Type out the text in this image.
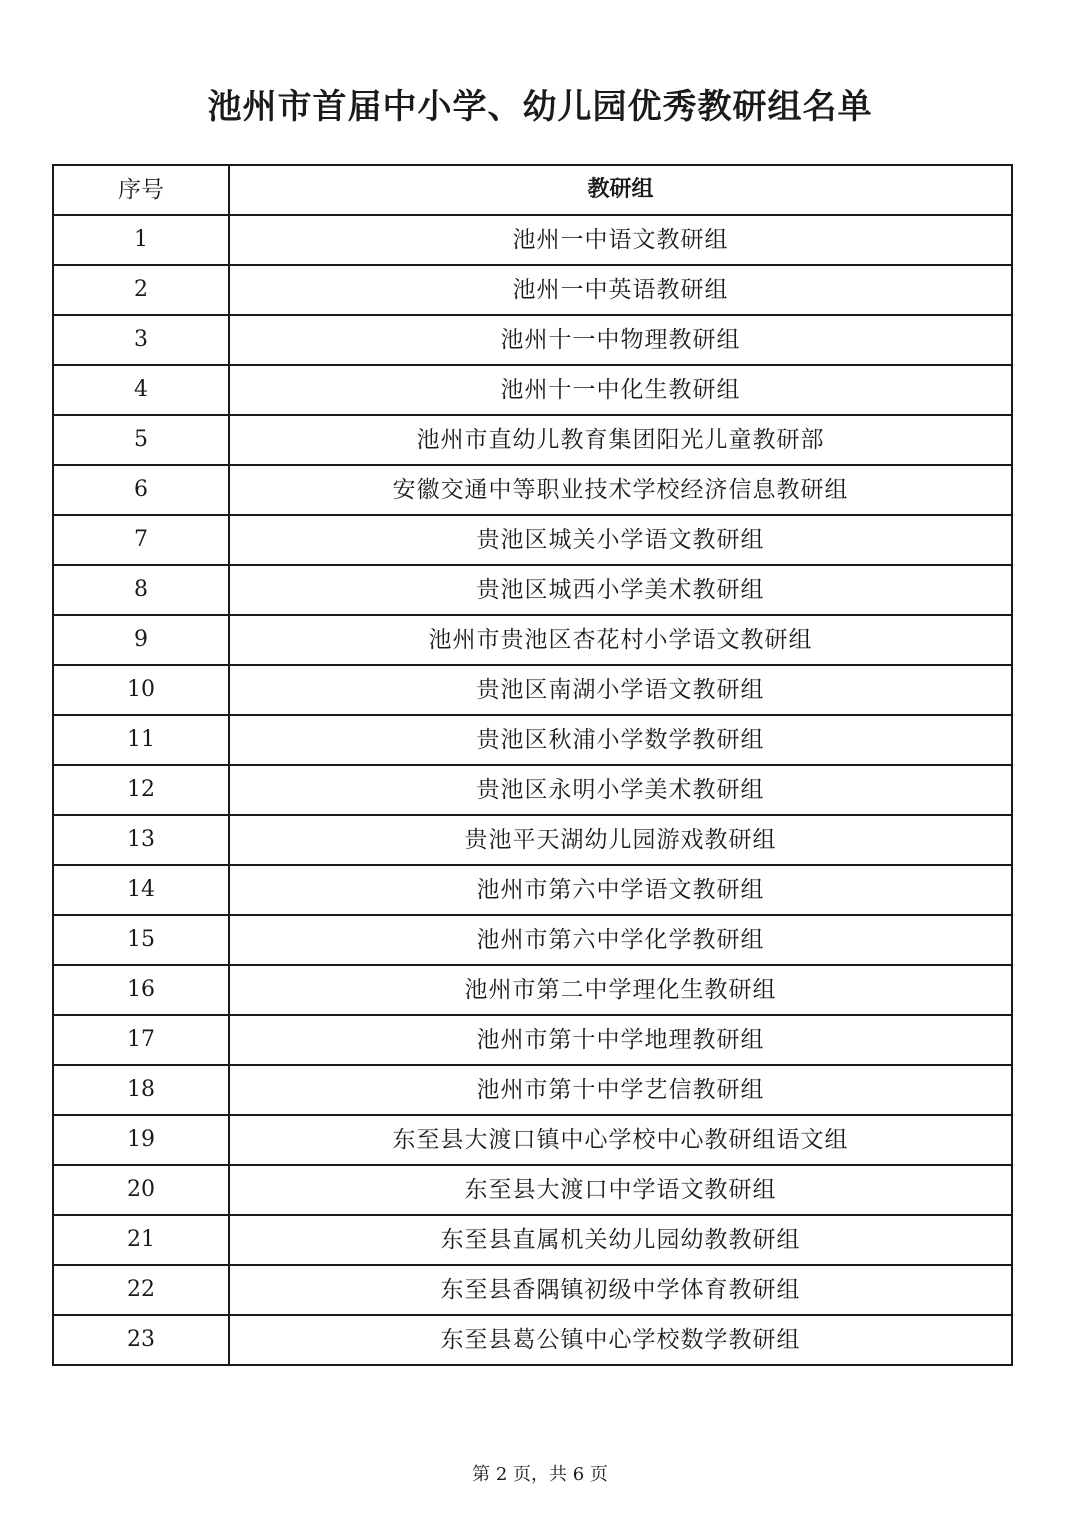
池州市首届中小学、幼儿园优秀教研组名单
序号	教研组
1	池州一中语文教研组
2	池州一中英语教研组
3	池州十一中物理教研组
4	池州十一中化生教研组
5	池州市直幼儿教育集团阳光儿童教研部
6	安徽交通中等职业技术学校经济信息教研组
7	贵池区城关小学语文教研组
8	贵池区城西小学美术教研组
9	池州市贵池区杏花村小学语文教研组
10	贵池区南湖小学语文教研组
11	贵池区秋浦小学数学教研组
12	贵池区永明小学美术教研组
13	贵池平天湖幼儿园游戏教研组
14	池州市第六中学语文教研组
15	池州市第六中学化学教研组
16	池州市第二中学理化生教研组
17	池州市第十中学地理教研组
18	池州市第十中学艺信教研组
19	东至县大渡口镇中心学校中心教研组语文组
20	东至县大渡口中学语文教研组
21	东至县直属机关幼儿园幼教教研组
22	东至县香隅镇初级中学体育教研组
23	东至县葛公镇中心学校数学教研组
第 2 页，共 6 页
